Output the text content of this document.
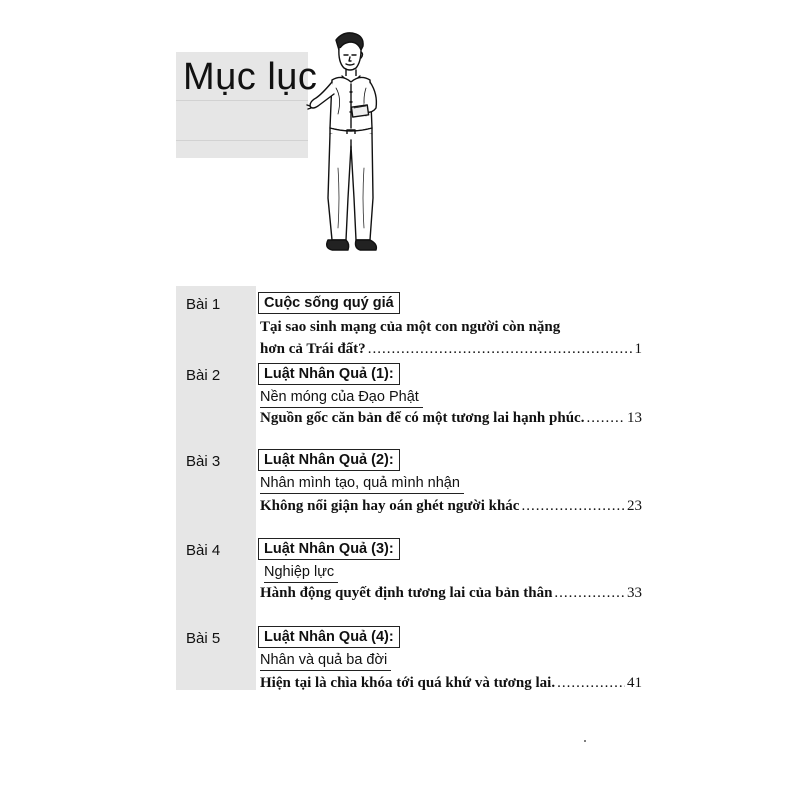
Mục lục
Bài 1	Cuộc sống quý giá
Tại sao sinh mạng của một con người còn nặng
hơn cả Trái đất? .....	1
Bài 2	Luật Nhân Quả (1):
Nền móng của Đạo Phật
Nguồn gốc căn bản để có một tương lai hạnh phúc. .....	13
Bài 3	Luật Nhân Quả (2):
Nhân mình tạo, quả mình nhận
Không nổi giận hay oán ghét người khác .....	23
Bài 4	Luật Nhân Quả (3):
Nghiệp lực
Hành động quyết định tương lai của bản thân .....	33
Bài 5	Luật Nhân Quả (4):
Nhân và quả ba đời
Hiện tại là chìa khóa tới quá khứ và tương lai. .....	41
